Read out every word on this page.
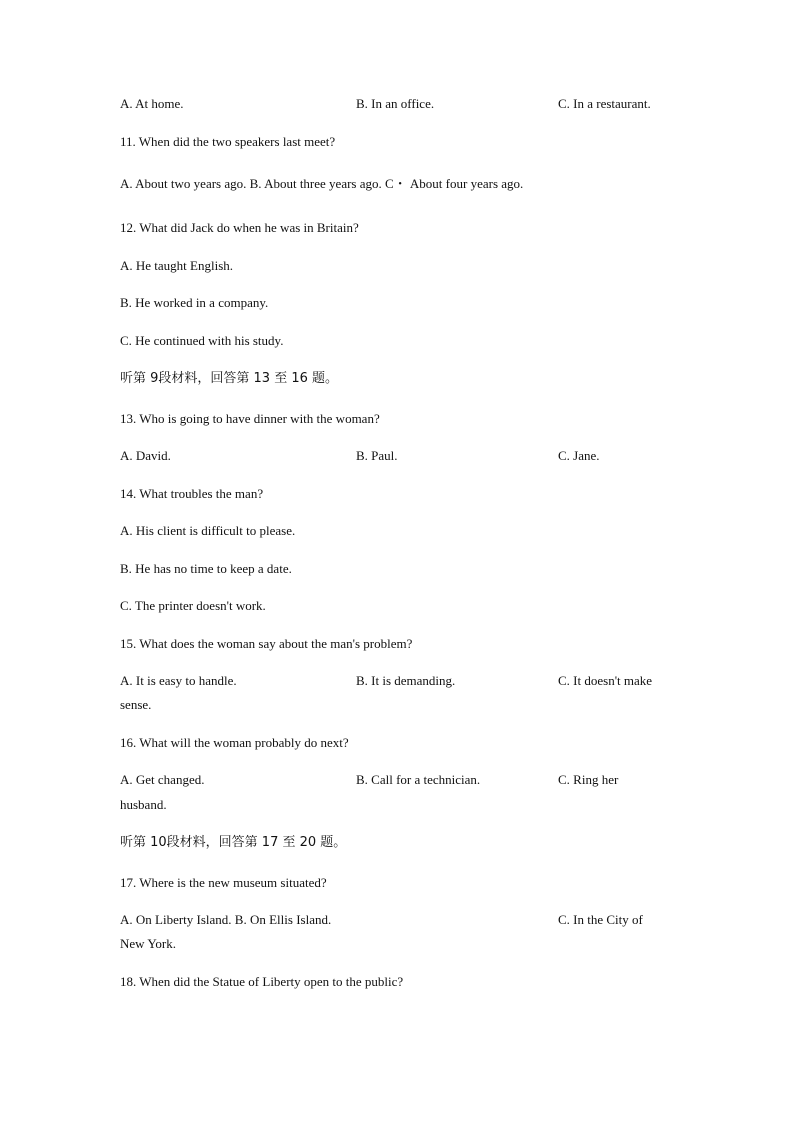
A. At home.	B. In an office.	C. In a restaurant.
11. When did the two speakers last meet?
A. About two years ago. B. About three years ago. C・ About four years ago.
12. What did Jack do when he was in Britain?
A. He taught English.
B. He worked in a company.
C. He continued with his study.
听第 9段材料，回答第 13 至 16 题。
13. Who is going to have dinner with the woman?
A. David.	B. Paul.	C. Jane.
14. What troubles the man?
A. His client is difficult to please.
B. He has no time to keep a date.
C. The printer doesn't work.
15. What does the woman say about the man's problem?
A. It is easy to handle.	B. It is demanding.	C. It doesn't make
sense.
16. What will the woman probably do next?
A. Get changed.	B. Call for a technician.	C. Ring her
husband.
听第 10段材料，回答第 17 至 20 题。
17. Where is the new museum situated?
A. On Liberty Island. B. On Ellis Island.	C. In the City of
New York.
18. When did the Statue of Liberty open to the public?
